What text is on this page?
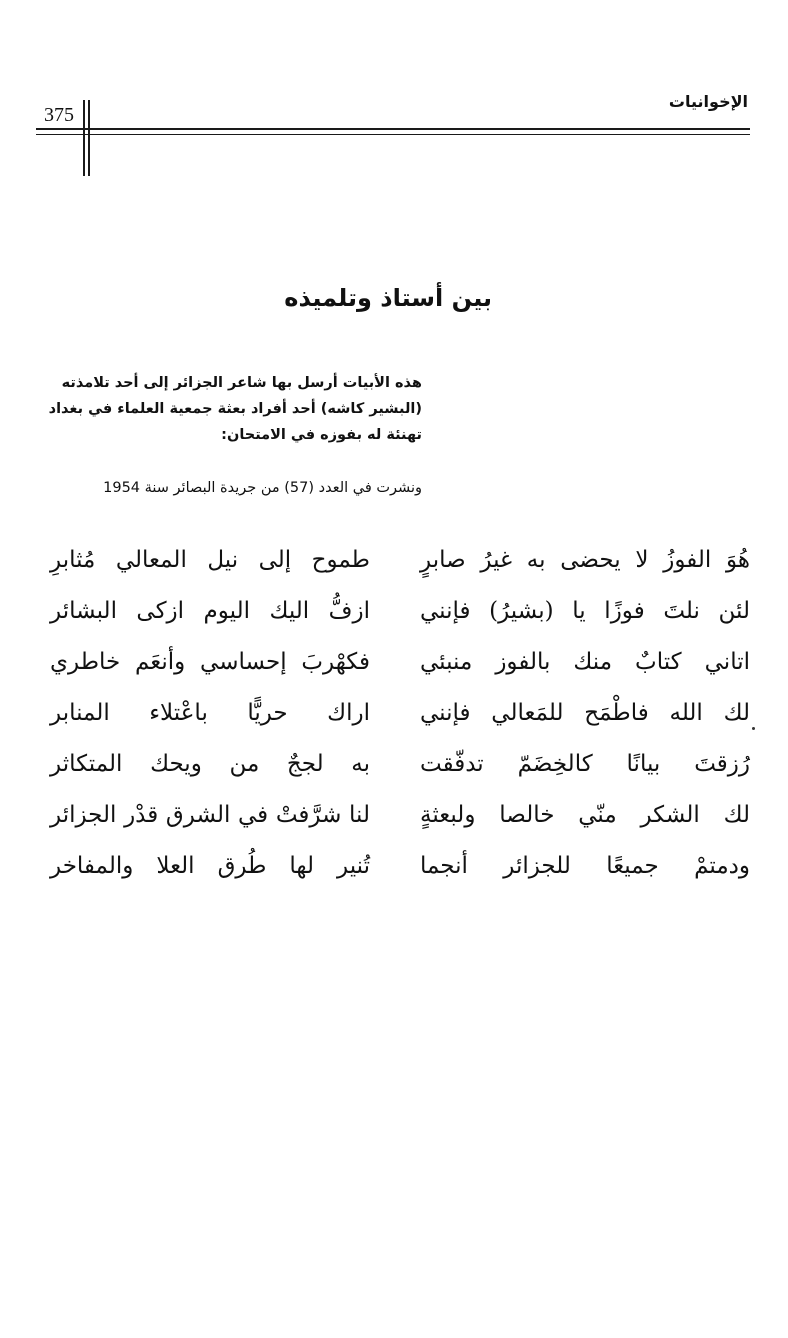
الإخوانيات
375
بين أستاذ وتلميذه
هذه الأبيات أرسل بها شاعر الجزائر إلى أحد تلامذته
(البشير كاشه) أحد أفراد بعثة جمعية العلماء في بغداد
تهنئة له بفوزه في الامتحان:
ونشرت في العدد (57) من جريدة البصائر سنة 1954
هُوَ الفوزُ لا يحضى به غيرُ صابرٍ
طموح إلى نيل المعالي مُثابرِ
لئن نلتَ فوزًا يا (بشيرُ) فإنني
ازفُّ اليك اليوم ازكى البشائر
اتاني كتابٌ منك بالفوز منبئي
فكهْربَ إحساسي وأنعَم خاطري
لك الله فاطْمَح للمَعالي فإنني
اراك حريًّا باعْتلاء المنابر
رُزقتَ بيانًا كالخِضَمّ تدفّقت
به لججٌ من ويحك المتكاثر
لك الشكر منّي خالصا ولبعثةٍ
لنا شرَّفتْ في الشرق قدْر الجزائر
ودمتمْ جميعًا للجزائر أنجما
تُنير لها طُرق العلا والمفاخر
